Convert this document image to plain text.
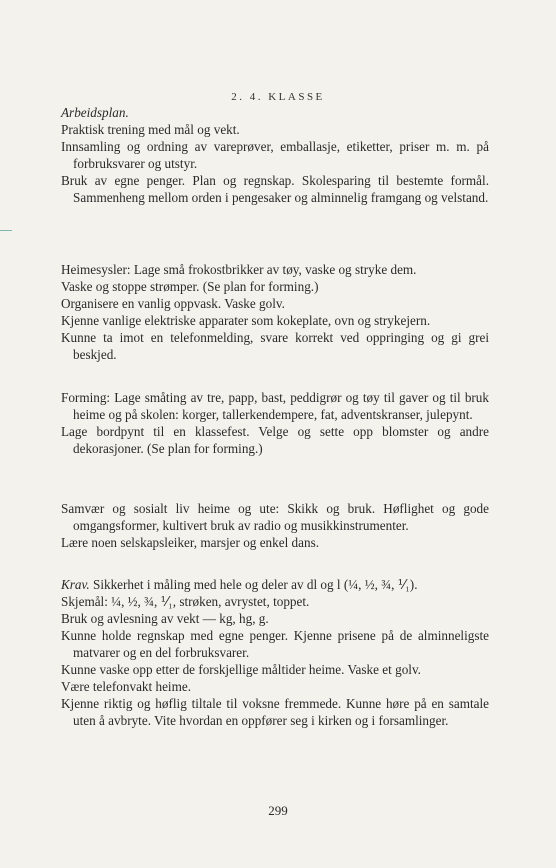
2. 4. KLASSE

Arbeidsplan.

Praktisk trening med mål og vekt.

Innsamling og ordning av vareprøver, emballasje, etiketter, priser m. m. på forbruksvarer og utstyr.

Bruk av egne penger. Plan og regnskap. Skolesparing til bestemte formål. Sammenheng mellom orden i pengesaker og alminnelig framgang og velstand.

Heimesysler: Lage små frokostbrikker av tøy, vaske og stryke dem.

Vaske og stoppe strømper. (Se plan for forming.)

Organisere en vanlig oppvask. Vaske golv.

Kjenne vanlige elektriske apparater som kokeplate, ovn og strykejern.

Kunne ta imot en telefonmelding, svare korrekt ved oppringing og gi grei beskjed.

Forming: Lage småting av tre, papp, bast, peddigrør og tøy til gaver og til bruk heime og på skolen: korger, tallerkendempere, fat, adventskranser, julepynt.

Lage bordpynt til en klassefest. Velge og sette opp blomster og andre dekorasjoner. (Se plan for forming.)

Samvær og sosialt liv heime og ute: Skikk og bruk. Høflighet og gode omgangsformer, kultivert bruk av radio og musikkinstrumenter.

Lære noen selskapsleiker, marsjer og enkel dans.

Krav. Sikkerhet i måling med hele og deler av dl og l (¼, ½, ¾, ⅟₁).

Skjemål: ¼, ½, ¾, ⅟₁, strøken, avrystet, toppet.

Bruk og avlesning av vekt — kg, hg, g.

Kunne holde regnskap med egne penger. Kjenne prisene på de alminneligste matvarer og en del forbruksvarer.

Kunne vaske opp etter de forskjellige måltider heime. Vaske et golv.

Være telefonvakt heime.

Kjenne riktig og høflig tiltale til voksne fremmede. Kunne høre på en samtale uten å avbryte. Vite hvordan en oppfører seg i kirken og i forsamlinger.

299
